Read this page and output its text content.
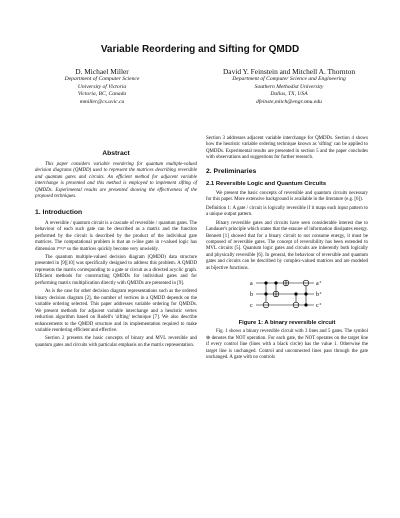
Variable Reordering and Sifting for QMDD
D. Michael Miller
Department of Computer Science
University of Victoria
Victoria, BC, Canada
mmiller@cs.uvic.ca
David Y. Feinstein and Mitchell A. Thornton
Department of Computer Science and Engineering
Southern Methodist University
Dallas, TX, USA
dfeinste,mitch@engr.smu.edu
Abstract

This paper considers variable reordering for quantum multiple-valued decision diagrams (QMDD) used to represent the matrices describing reversible and quantum gates and circuits. An efficient method for adjacent variable interchange is presented and this method is employed to implement sifting of QMDDs. Experimental results are presented showing the effectiveness of the proposed techniques.

1. Introduction

A reversible / quantum circuit is a cascade of reversible / quantum gates. The behaviour of each such gate can be described as a matrix and the function performed by the circuit is described by the product of the individual gate matrices. The computational problem is that an n-line gate in r-valued logic has dimension rⁿ×rⁿ so the matrices quickly become very unwieldy.

The quantum multiple-valued decision diagram (QMDD) data structure presented in [9][10] was specifically designed to address this problem. A QMDD represents the matrix corresponding to a gate or circuit as a directed acyclic graph. Efficient methods for constructing QMDDs for individual gates and for performing matrix multiplication directly with QMDDs are presented in [9].

As is the case for other decision diagram representations such as the ordered binary decision diagram [2], the number of vertices in a QMDD depends on the variable ordering selected. This paper addresses variable ordering for QMDDs. We present methods for adjacent variable interchange and a heuristic vertex reduction algorithm based on Rudell's 'sifting' technique [7]. We also describe enhancements to the QMDD structure and its implementation required to make variable reordering efficient and effective.

Section 2 presents the basic concepts of binary and MVL reversible and quantum gates and circuits with particular emphasis on the matrix representation.

Section 3 addresses adjacent variable interchange for QMDDs. Section 4 shows how the heuristic variable ordering technique known as 'sifting' can be applied to QMDDs. Experimental results are presented in section 5 and the paper concludes with observations and suggestions for further research.

2. Preliminaries
2.1 Reversible Logic and Quantum Circuits

We present the basic concepts of reversible and quantum circuits necessary for this paper. More extensive background is available in the literature (e.g. [6]).

Definition 1: A gate / circuit is logically reversible if it maps each input pattern to a unique output pattern.

Binary reversible gates and circuits have seen considerable interest due to Landauer's principle which states that the erasure of information dissipates energy. Bennett [1] showed that for a binary circuit to not consume energy, it must be composed of reversible gates. The concept of reversibility has been extended to MVL circuits [5]. Quantum logic gates and circuits are inherently both logically and physically reversible [6]. In general, the behaviour of reversible and quantum gates and circuits can be described by complex-valued matrices and are modeled as bijective functions.

a
b
c
a⁺
b⁺
c⁺
Figure 1: A binary reversible circuit

Fig. 1 shows a binary reversible circuit with 3 lines and 5 gates. The symbol ⊕ denotes the NOT operation. For each gate, the NOT operates on the target line if every control line (lines with a black circle) has the value 1. Otherwise the target line is unchanged. Control and unconnected lines pass through the gate unchanged. A gate with no controls
